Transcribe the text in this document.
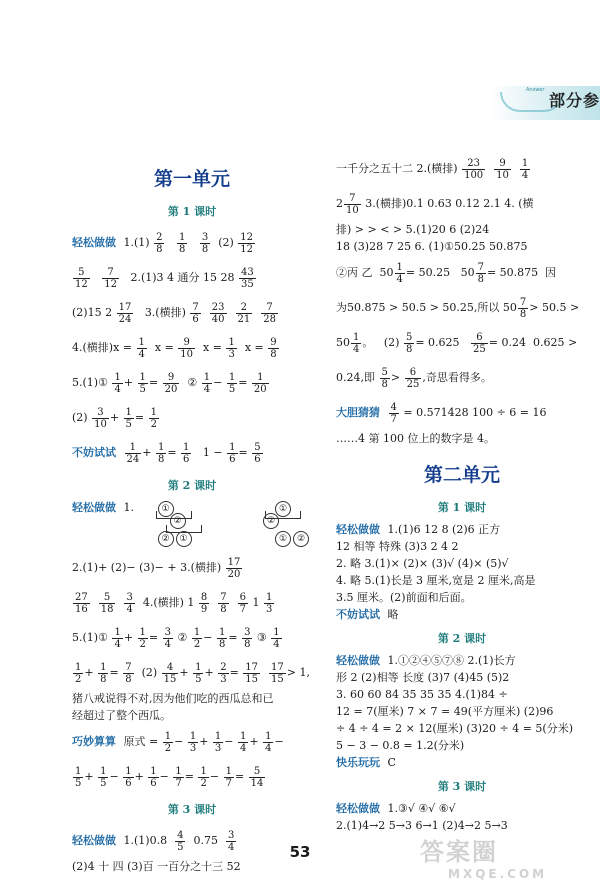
Answer
部分参
第一单元
第 1 课时
轻松做做 $1.(1) \frac{2}{8}$
$\frac{1}{8}$
$\frac{3}{8} (2) \frac{12}{12}$
$\frac{5}{12}$
$\frac{7}{12} 2.(1)3$ 4 通分 15 $28 \frac{43}{35}$
(2)15 $2 \frac{17}{24} 3$.(横排) $\frac{7}{6}$
$\frac{23}{40}$
$\frac{2}{21}$
$\frac{7}{28}$
4.(横排)$x = \frac{1}{4}$ $x = \frac{9}{10}$ $x = \frac{1}{3}$ $x = \frac{9}{8}$
5.(1)① $\frac{1}{4} + \frac{1}{5} = \frac{9}{20}$ ② $\frac{1}{4} - \frac{1}{5} = \frac{1}{20}$
$(2) \frac{3}{10} + \frac{1}{5} = \frac{1}{2}$
不妨试试 $\frac{1}{24} + \frac{1}{8} = \frac{1}{6} 1 - \frac{1}{6} = \frac{5}{6}$
第 2 课时
轻松做做 1.	①
②
②	①

①
②
①	②
2.(1)+ (2)− (3)− + 3.(横排) $\frac{17}{20}$
$\frac{27}{16}$
$\frac{5}{18}$
$\frac{3}{4} 4$.(横排) $1 \frac{8}{9}$
$\frac{7}{8}$
$\frac{6}{7} 1 \frac{1}{3}$
5.(1)① $\frac{1}{4} + \frac{1}{2} = \frac{3}{4}$ ② $\frac{1}{2} - \frac{1}{8} = \frac{3}{8}$ ③ $\frac{1}{4}$
$\frac{1}{2} + \frac{1}{8} = \frac{7}{8} (2) \frac{4}{15} + \frac{1}{5} + \frac{2}{3} = \frac{17}{15}$
$\frac{17}{15} > 1$,
猪八戒说得不对,因为他们吃的西瓜总和已
经超过了整个西瓜。
巧妙算算 原式 = $\frac{1}{2} - \frac{1}{3} + \frac{1}{3} - \frac{1}{4} + \frac{1}{4}$ −
$\frac{1}{5} + \frac{1}{5} - \frac{1}{6} + \frac{1}{6} - \frac{1}{7} = \frac{1}{2} - \frac{1}{7} = \frac{5}{14}$
第 3 课时
轻松做做 $1.(1)0.8 \frac{4}{5} 0.75 \frac{3}{4}$
(2)4 十 四 (3)百 一百分之十三 52
一千分之五十二 2.(横排) $\frac{23}{100}$
$\frac{9}{10}$
$\frac{1}{4}$
$2 \frac{7}{10} 3$.(横排)0.1 0.63 0.12 2.1 4. (横
排) > > < > 5.(1)20 6 (2)24
18 (3)28 7 25 6. (1)①50.25 50.875
②丙 乙  $50 \frac{1}{4} = 50.25$   $50 \frac{7}{8} = 50.875$  因
为50.875 > 50.5 > 50.25,所以 $50 \frac{7}{8} > 50.5$ >
$50 \frac{1}{4}$ 。   $(2) \frac{5}{8} = 0.625 \frac{6}{25} = 0.24$  0.625 >
0.24,即 $\frac{5}{8} > \frac{6}{25}$ ,奇思看得多。
大胆猜猜 $\frac{4}{7} = 0.571428$ 100 ÷ 6 = 16
……4 第 100 位上的数字是 4。
第二单元
第 1 课时
轻松做做 1.(1)6 12 8 (2)6 正方
12 相等 特殊 (3)3 2 4 2
2. 略 3.(1)× (2)× (3)√ (4)× (5)√
4. 略 5.(1)长是 3 厘米,宽是 2 厘米,高是
3.5 厘米。(2)前面和后面。
不妨试试 略
第 2 课时
轻松做做 1.①②④⑤⑦⑧ 2.(1)长方
形 2 (2)相等 长度 (3)7 (4)45 (5)2
3. 60 60 84 35 35 35 4.(1)84 ÷
12 = 7(厘米) 7 × 7 = 49(平方厘米) (2)96
÷ 4 ÷ 4 = 2 × 12(厘米) (3)20 ÷ 4 = 5(分米)
5 − 3 − 0.8 = 1.2(分米)
快乐玩玩 C
第 3 课时
轻松做做 1.③√ ④√ ⑥√
2.(1)4→2 5→3 6→1 (2)4→2 5→3
53	答案圈
MXQE.COM
